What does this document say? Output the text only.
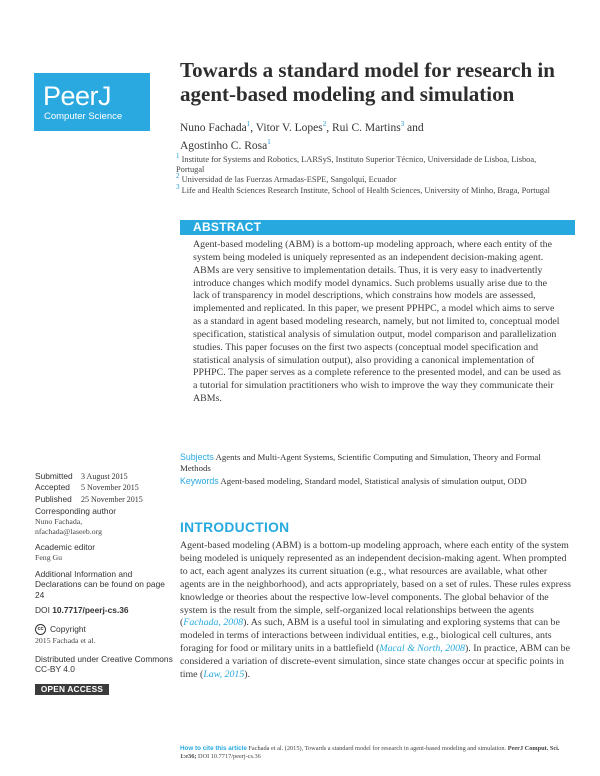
PeerJ
Computer Science
Towards a standard model for research in agent-based modeling and simulation
Nuno Fachada$^1$, Vitor V. Lopes$^2$, Rui C. Martins$^3$ and
Agostinho C. Rosa$^1$
$^1$ Institute for Systems and Robotics, LARSyS, Instituto Superior Técnico, Universidade de Lisboa, Lisboa, Portugal
$^2$ Universidad de las Fuerzas Armadas-ESPE, Sangolquí, Ecuador
$^3$ Life and Health Sciences Research Institute, School of Health Sciences, University of Minho, Braga, Portugal
ABSTRACT
Agent-based modeling (ABM) is a bottom-up modeling approach, where each entity of the system being modeled is uniquely represented as an independent decision-making agent. ABMs are very sensitive to implementation details. Thus, it is very easy to inadvertently introduce changes which modify model dynamics. Such problems usually arise due to the lack of transparency in model descriptions, which constrains how models are assessed, implemented and replicated. In this paper, we present PPHPC, a model which aims to serve as a standard in agent based modeling research, namely, but not limited to, conceptual model specification, statistical analysis of simulation output, model comparison and parallelization studies. This paper focuses on the first two aspects (conceptual model specification and statistical analysis of simulation output), also providing a canonical implementation of PPHPC. The paper serves as a complete reference to the presented model, and can be used as a tutorial for simulation practitioners who wish to improve the way they communicate their ABMs.
Subjects Agents and Multi-Agent Systems, Scientific Computing and Simulation, Theory and Formal Methods
Keywords Agent-based modeling, Standard model, Statistical analysis of simulation output, ODD
Submitted 3 August 2015
Accepted 5 November 2015
Published 25 November 2015
Corresponding author
Nuno Fachada,
nfachada@laseeb.org
Academic editor
Feng Gu
Additional Information and Declarations can be found on page 24
DOI 10.7717/peerj-cs.36
cc Copyright
2015 Fachada et al.
Distributed under Creative Commons CC-BY 4.0
OPEN ACCESS
INTRODUCTION
Agent-based modeling (ABM) is a bottom-up modeling approach, where each entity of the system being modeled is uniquely represented as an independent decision-making agent. When prompted to act, each agent analyzes its current situation (e.g., what resources are available, what other agents are in the neighborhood), and acts appropriately, based on a set of rules. These rules express knowledge or theories about the respective low-level components. The global behavior of the system is the result from the simple, self-organized local relationships between the agents (Fachada, 2008). As such, ABM is a useful tool in simulating and exploring systems that can be modeled in terms of interactions between individual entities, e.g., biological cell cultures, ants foraging for food or military units in a battlefield (Macal & North, 2008). In practice, ABM can be considered a variation of discrete-event simulation, since state changes occur at specific points in time (Law, 2015).
How to cite this article Fachada et al. (2015), Towards a standard model for research in agent-based modeling and simulation. PeerJ Comput. Sci. 1:e36; DOI 10.7717/peerj-cs.36
